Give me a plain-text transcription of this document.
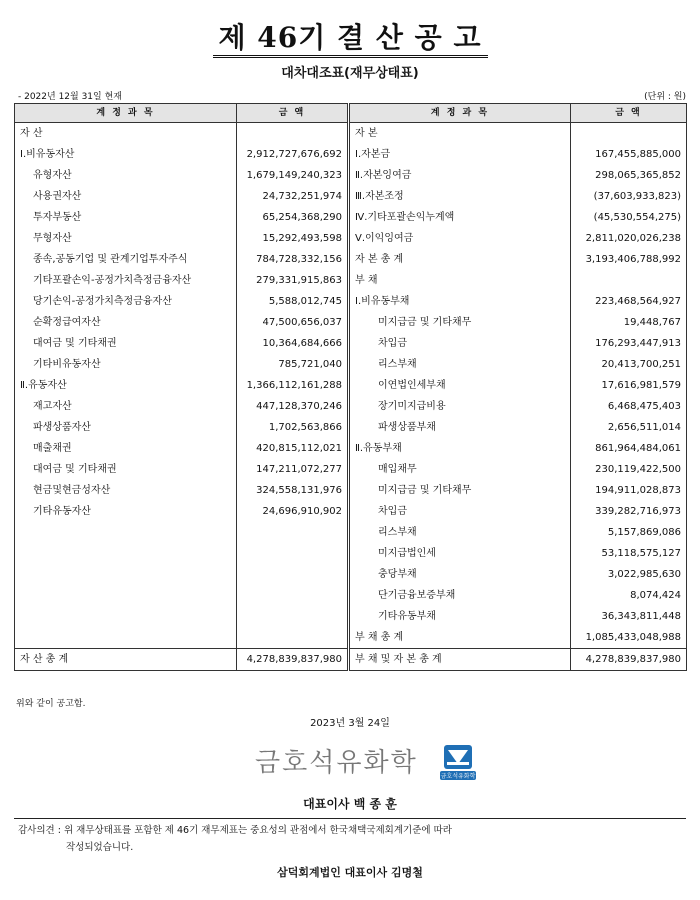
제 46기 결 산 공 고
대차대조표(재무상태표)
- 2022년 12월 31일 현재	(단위 : 원)
계 정 과 목	금 액	계 정 과 목	금 액
자 산		자 본	
Ⅰ.비유동자산	2,912,727,676,692	Ⅰ.자본금	167,455,885,000
유형자산	1,679,149,240,323	Ⅱ.자본잉여금	298,065,365,852
사용권자산	24,732,251,974	Ⅲ.자본조정	(37,603,933,823)
투자부동산	65,254,368,290	Ⅳ.기타포괄손익누계액	(45,530,554,275)
무형자산	15,292,493,598	Ⅴ.이익잉여금	2,811,020,026,238
종속,공동기업 및 관계기업투자주식	784,728,332,156	자 본 총 계	3,193,406,788,992
기타포괄손익-공정가치측정금융자산	279,331,915,863	부 채	
당기손익-공정가치측정금융자산	5,588,012,745	Ⅰ.비유동부채	223,468,564,927
순확정급여자산	47,500,656,037	미지급금 및 기타채무	19,448,767
대여금 및 기타채권	10,364,684,666	차입금	176,293,447,913
기타비유동자산	785,721,040	리스부채	20,413,700,251
Ⅱ.유동자산	1,366,112,161,288	이연법인세부채	17,616,981,579
재고자산	447,128,370,246	장기미지급비용	6,468,475,403
파생상품자산	1,702,563,866	파생상품부채	2,656,511,014
매출채권	420,815,112,021	Ⅱ.유동부채	861,964,484,061
대여금 및 기타채권	147,211,072,277	매입채무	230,119,422,500
현금및현금성자산	324,558,131,976	미지급금 및 기타채무	194,911,028,873
기타유동자산	24,696,910,902	차입금	339,282,716,973
		리스부채	5,157,869,086
		미지급법인세	53,118,575,127
		충당부채	3,022,985,630
		단기금융보증부채	8,074,424
		기타유동부채	36,343,811,448
		부 채 총 계	1,085,433,048,988
자 산 총 계	4,278,839,837,980	부 채 및 자 본 총 계	4,278,839,837,980
위와 같이 공고함.
2023년 3월 24일
금호석유화학	금호석유화학
대표이사 백 종 훈
감사의견 : 위 재무상태표를 포함한 제 46기 재무제표는 중요성의 관점에서 한국채택국제회계기준에 따라
작성되었습니다.
삼덕회계법인 대표이사 김명철
